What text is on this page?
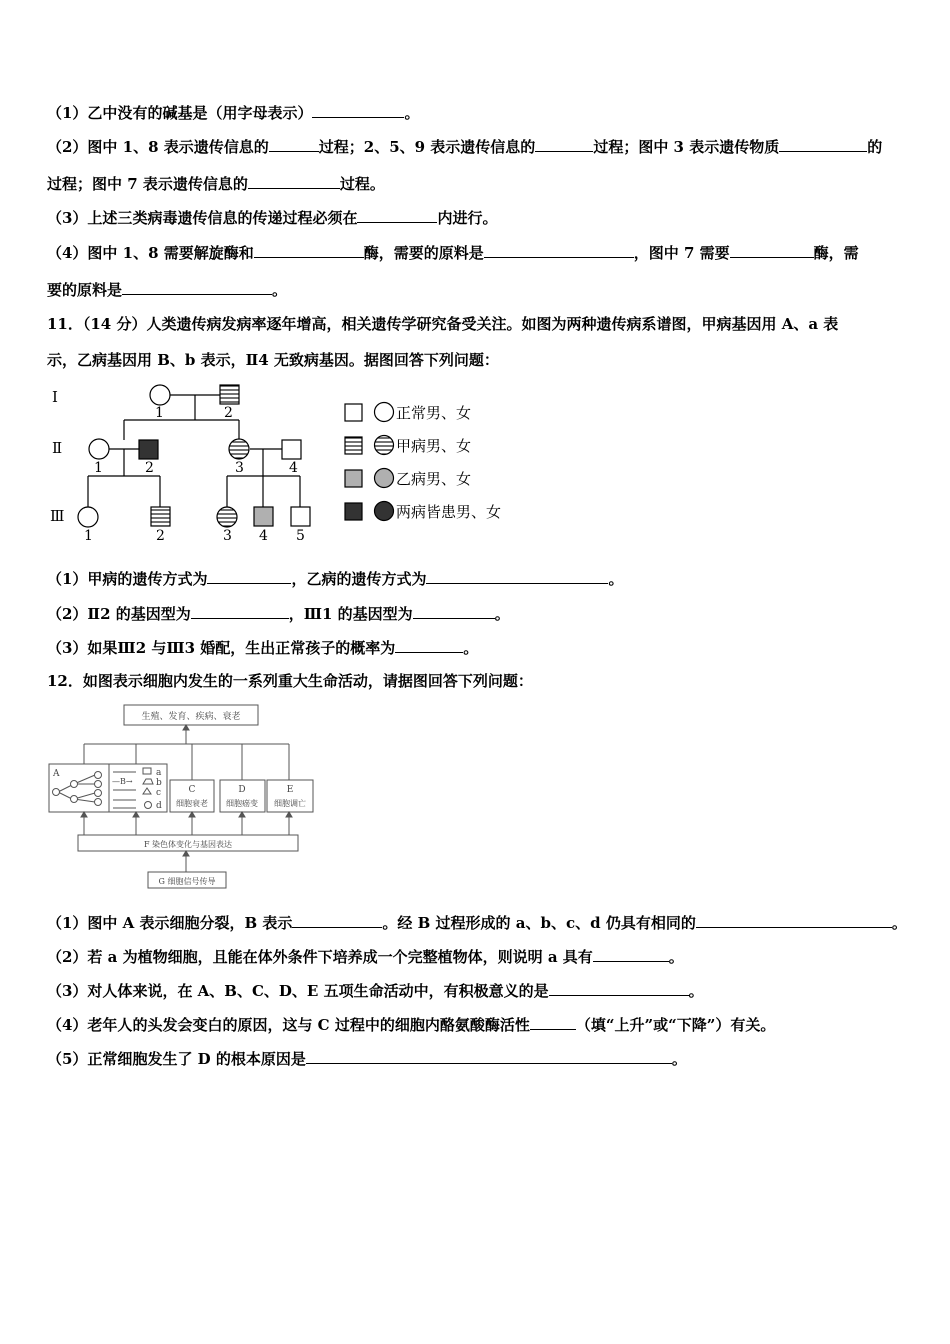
（1）乙中没有的碱基是（用字母表示）	。
（2）图中 1、8 表示遗传信息的	过程；2、5、9 表示遗传信息的	过程；图中 3 表示遗传物质	的
过程；图中 7 表示遗传信息的	过程。
（3）上述三类病毒遗传信息的传递过程必须在	内进行。
（4）图中 1、8 需要解旋酶和	酶，需要的原料是	，图中 7 需要	酶，需
要的原料是	。
11．（14 分）人类遗传病发病率逐年增高，相关遗传学研究备受关注。如图为两种遗传病系谱图，甲病基因用 A、a 表
示，乙病基因用 B、b 表示，Ⅱ4 无致病基因。据图回答下列问题：
Ⅰ
Ⅱ
Ⅲ
1	2
1	2	3	4
1	2	3 4 5
正常男、女
甲病男、女
乙病男、女
两病皆患男、女
（1）甲病的遗传方式为	，乙病的遗传方式为	。
（2）Ⅱ2 的基因型为	，Ⅲ1 的基因型为	。
（3）如果Ⅲ2 与Ⅲ3 婚配，生出正常孩子的概率为	。
12．如图表示细胞内发生的一系列重大生命活动，请据图回答下列问题：
生殖、发育、疾病、衰老
A
—B→
a
b
c
d
C
细胞衰老
D
细胞癌变
E
细胞调亡
F 染色体变化与基因表达
G 细胞信号传导
（1）图中 A 表示细胞分裂，B 表示	。经 B 过程形成的 a、b、c、d 仍具有相同的	。
（2）若 a 为植物细胞，且能在体外条件下培养成一个完整植物体，则说明 a 具有	。
（3）对人体来说，在 A、B、C、D、E 五项生命活动中，有积极意义的是	。
（4）老年人的头发会变白的原因，这与 C 过程中的细胞内酪氨酸酶活性	（填“上升”或“下降”）有关。
（5）正常细胞发生了 D 的根本原因是	。
